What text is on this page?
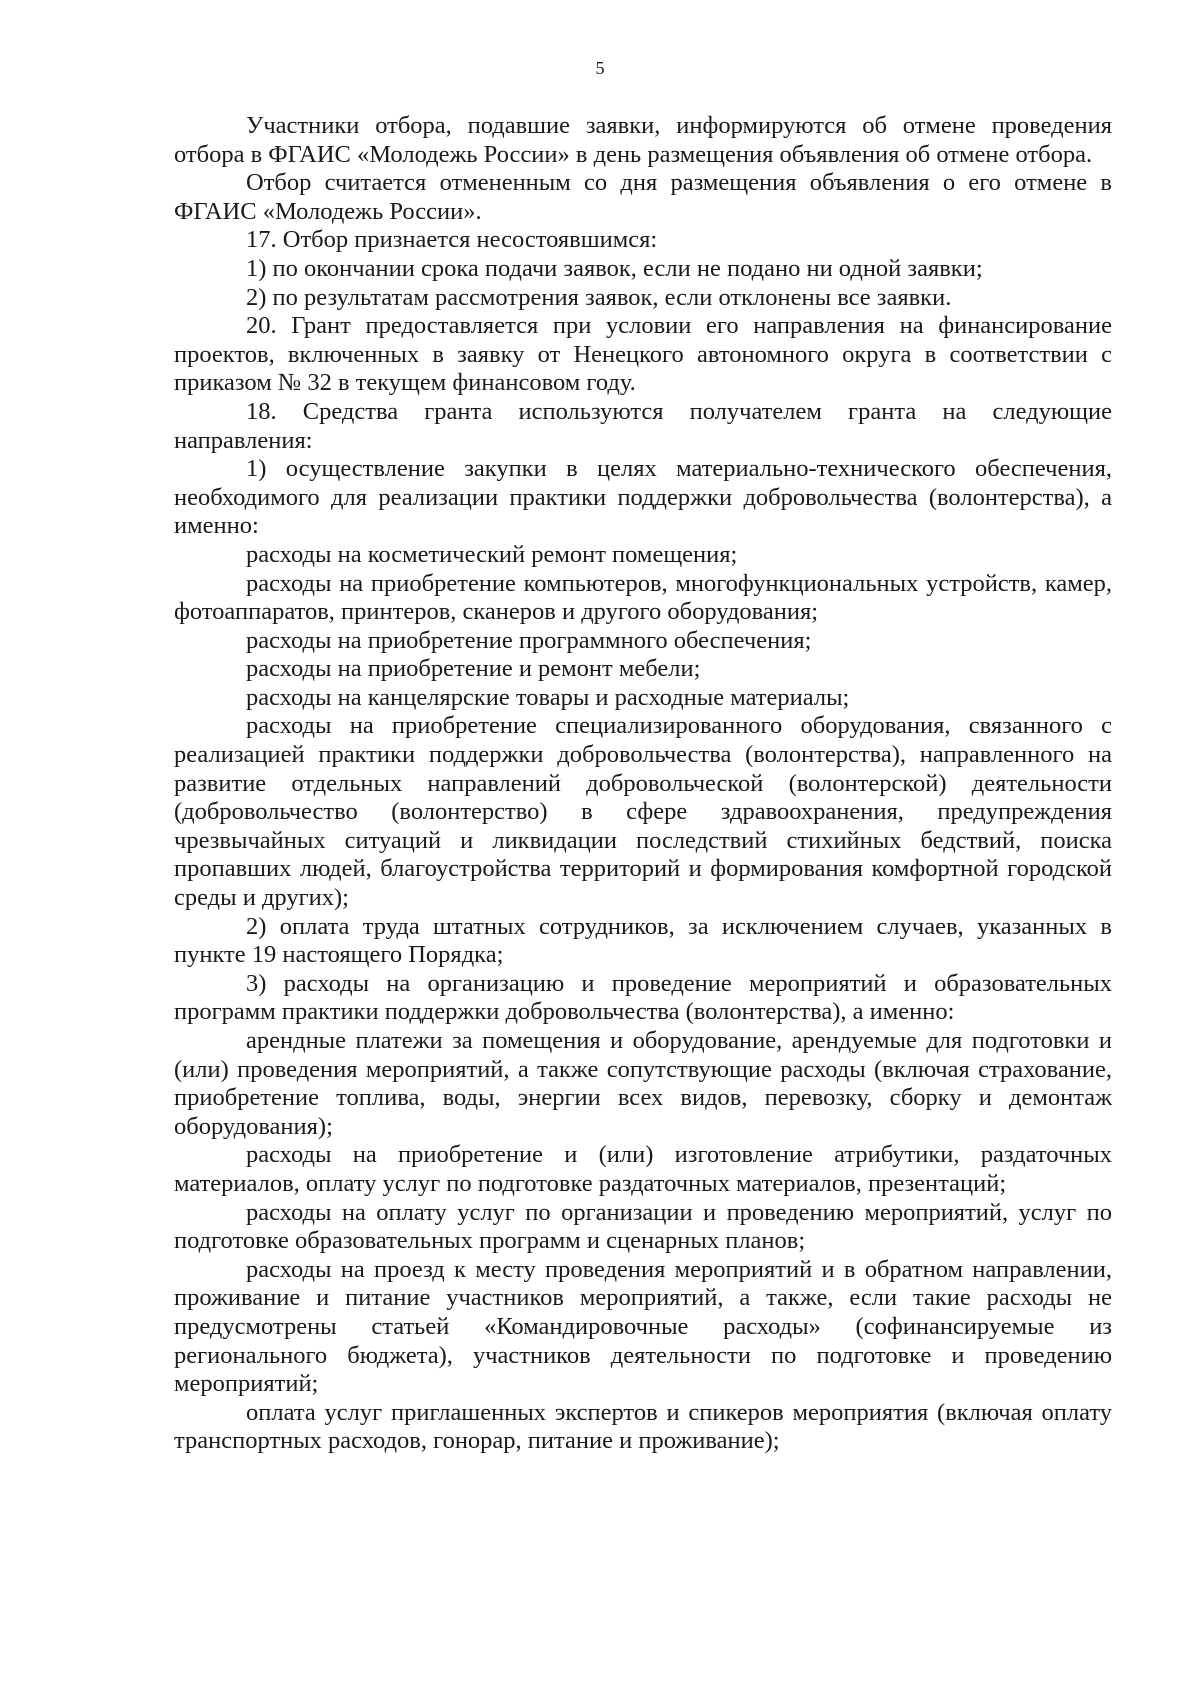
5

Участники отбора, подавшие заявки, информируются об отмене проведения отбора в ФГАИС «Молодежь России» в день размещения объявления об отмене отбора.

Отбор считается отмененным со дня размещения объявления о его отмене в ФГАИС «Молодежь России».

17. Отбор признается несостоявшимся:

1) по окончании срока подачи заявок, если не подано ни одной заявки;

2) по результатам рассмотрения заявок, если отклонены все заявки.

20. Грант предоставляется при условии его направления на финансирование проектов, включенных в заявку от Ненецкого автономного округа в соответствии с приказом № 32 в текущем финансовом году.

18. Средства гранта используются получателем гранта на следующие направления:

1) осуществление закупки в целях материально-технического обеспечения, необходимого для реализации практики поддержки добровольчества (волонтерства), а именно:

расходы на косметический ремонт помещения;

расходы на приобретение компьютеров, многофункциональных устройств, камер, фотоаппаратов, принтеров, сканеров и другого оборудования;

расходы на приобретение программного обеспечения;

расходы на приобретение и ремонт мебели;

расходы на канцелярские товары и расходные материалы;

расходы на приобретение специализированного оборудования, связанного с реализацией практики поддержки добровольчества (волонтерства), направленного на развитие отдельных направлений добровольческой (волонтерской) деятельности (добровольчество (волонтерство) в сфере здравоохранения, предупреждения чрезвычайных ситуаций и ликвидации последствий стихийных бедствий, поиска пропавших людей, благоустройства территорий и формирования комфортной городской среды и других);

2) оплата труда штатных сотрудников, за исключением случаев, указанных в пункте 19 настоящего Порядка;

3) расходы на организацию и проведение мероприятий и образовательных программ практики поддержки добровольчества (волонтерства), а именно:

арендные платежи за помещения и оборудование, арендуемые для подготовки и (или) проведения мероприятий, а также сопутствующие расходы (включая страхование, приобретение топлива, воды, энергии всех видов, перевозку, сборку и демонтаж оборудования);

расходы на приобретение и (или) изготовление атрибутики, раздаточных материалов, оплату услуг по подготовке раздаточных материалов, презентаций;

расходы на оплату услуг по организации и проведению мероприятий, услуг по подготовке образовательных программ и сценарных планов;

расходы на проезд к месту проведения мероприятий и в обратном направлении, проживание и питание участников мероприятий, а также, если такие расходы не предусмотрены статьей «Командировочные расходы» (софинансируемые из регионального бюджета), участников деятельности по подготовке и проведению мероприятий;

оплата услуг приглашенных экспертов и спикеров мероприятия (включая оплату транспортных расходов, гонорар, питание и проживание);
